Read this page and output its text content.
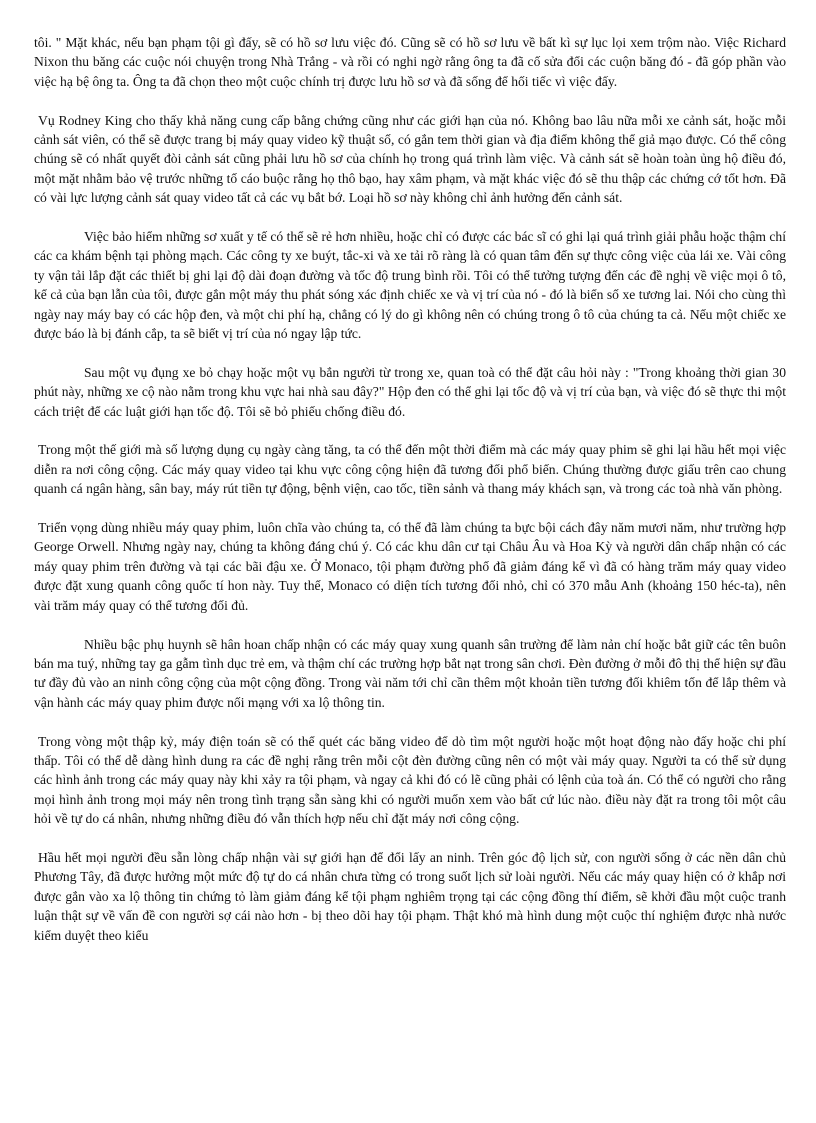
tôi. " Mặt khác, nếu bạn phạm tội gì đấy, sẽ có hồ sơ lưu việc đó. Cũng sẽ có hồ sơ lưu về bất kì sự lục lọi xem trộm nào. Việc Richard Nixon thu băng các cuộc nói chuyện trong Nhà Trắng - và rồi có nghi ngờ rằng ông ta đã cố sửa đổi các cuộn băng đó - đã góp phần vào việc hạ bệ ông ta. Ông ta đã chọn theo một cuộc chính trị được lưu hồ sơ và đã sống để hối tiếc vì việc đấy.

Vụ Rodney King cho thấy khả năng cung cấp bằng chứng cũng như các giới hạn của nó. Không bao lâu nữa mỗi xe cảnh sát, hoặc mỗi cảnh sát viên, có thể sẽ được trang bị máy quay video kỹ thuật số, có gắn tem thời gian và địa điểm không thể giả mạo được. Có thể công chúng sẽ có nhất quyết đòi cảnh sát cũng phải lưu hồ sơ của chính họ trong quá trình làm việc. Và cảnh sát sẽ hoàn toàn ủng hộ điều đó, một mặt nhằm bảo vệ trước những tố cáo buộc rằng họ thô bạo, hay xâm phạm, và mặt khác việc đó sẽ thu thập các chứng cớ tốt hơn. Đã có vài lực lượng cảnh sát quay video tất cả các vụ bắt bớ. Loại hồ sơ này không chỉ ảnh hưởng đến cảnh sát.

Việc bảo hiểm những sơ xuất y tế có thể sẽ rẻ hơn nhiều, hoặc chỉ có được các bác sĩ có ghi lại quá trình giải phẫu hoặc thậm chí các ca khám bệnh tại phòng mạch. Các công ty xe buýt, tắc-xi và xe tải rõ ràng là có quan tâm đến sự thực công việc của lái xe. Vài công ty vận tải lắp đặt các thiết bị ghi lại độ dài đoạn đường và tốc độ trung bình rồi. Tôi có thể tưởng tượng đến các đề nghị về việc mọi ô tô, kể cả của bạn lẫn của tôi, được gắn một máy thu phát sóng xác định chiếc xe và vị trí của nó - đó là biển số xe tương lai. Nói cho cùng thì ngày nay máy bay có các hộp đen, và một chi phí hạ, chẳng có lý do gì không nên có chúng trong ô tô của chúng ta cả. Nếu một chiếc xe được báo là bị đánh cắp, ta sẽ biết vị trí của nó ngay lập tức.

Sau một vụ đụng xe bỏ chạy hoặc một vụ bắn người từ trong xe, quan toà có thể đặt câu hỏi này : "Trong khoảng thời gian 30 phút này, những xe cộ nào nằm trong khu vực hai nhà sau đây?" Hộp đen có thể ghi lại tốc độ và vị trí của bạn, và việc đó sẽ thực thi một cách triệt để các luật giới hạn tốc độ. Tôi sẽ bỏ phiếu chống điều đó.

Trong một thế giới mà số lượng dụng cụ ngày càng tăng, ta có thể đến một thời điểm mà các máy quay phim sẽ ghi lại hầu hết mọi việc diễn ra nơi công cộng. Các máy quay video tại khu vực công cộng hiện đã tương đối phổ biến. Chúng thường được giấu trên cao chung quanh cá ngân hàng, sân bay, máy rút tiền tự động, bệnh viện, cao tốc, tiền sảnh và thang máy khách sạn, và trong các toà nhà văn phòng.

Triển vọng dùng nhiều máy quay phim, luôn chĩa vào chúng ta, có thể đã làm chúng ta bực bội cách đây năm mươi năm, như trường hợp George Orwell. Nhưng ngày nay, chúng ta không đáng chú ý. Có các khu dân cư tại Châu Âu và Hoa Kỳ và người dân chấp nhận có các máy quay phim trên đường và tại các bãi đậu xe. Ở Monaco, tội phạm đường phố đã giảm đáng kể vì đã có hàng trăm máy quay video được đặt xung quanh công quốc tí hon này. Tuy thế, Monaco có diện tích tương đối nhỏ, chỉ có 370 mẫu Anh (khoảng 150 héc-ta), nên vài trăm máy quay có thể tương đối đủ.

Nhiều bậc phụ huynh sẽ hân hoan chấp nhận có các máy quay xung quanh sân trường để làm nản chí hoặc bắt giữ các tên buôn bán ma tuý, những tay ga gẫm tình dục trẻ em, và thậm chí các trường hợp bắt nạt trong sân chơi. Đèn đường ở mỗi đô thị thể hiện sự đầu tư đầy đủ vào an ninh công cộng của một cộng đồng. Trong vài năm tới chỉ cần thêm một khoản tiền tương đối khiêm tốn để lắp thêm và vận hành các máy quay phim được nối mạng với xa lộ thông tin.

Trong vòng một thập kỷ, máy điện toán sẽ có thể quét các băng video để dò tìm một người hoặc một hoạt động nào đấy hoặc chi phí thấp. Tôi có thể dễ dàng hình dung ra các đề nghị rằng trên mỗi cột đèn đường cũng nên có một vài máy quay. Người ta có thể sử dụng các hình ảnh trong các máy quay này khi xảy ra tội phạm, và ngay cả khi đó có lẽ cũng phải có lệnh của toà án. Có thể có người cho rằng mọi hình ảnh trong mọi máy nên trong tình trạng sẵn sàng khi có người muốn xem vào bất cứ lúc nào. điều này đặt ra trong tôi một câu hỏi về tự do cá nhân, nhưng những điều đó vẫn thích hợp nếu chỉ đặt máy nơi công cộng.

Hầu hết mọi người đều sẵn lòng chấp nhận vài sự giới hạn để đổi lấy an ninh. Trên góc độ lịch sử, con người sống ở các nền dân chủ Phương Tây, đã được hưởng một mức độ tự do cá nhân chưa từng có trong suốt lịch sử loài người. Nếu các máy quay hiện có ở khắp nơi được gắn vào xa lộ thông tin chứng tỏ làm giảm đáng kể tội phạm nghiêm trọng tại các cộng đồng thí điểm, sẽ khởi đầu một cuộc tranh luận thật sự về vấn đề con người sợ cái nào hơn - bị theo dõi hay tội phạm. Thật khó mà hình dung một cuộc thí nghiệm được nhà nước kiểm duyệt theo kiểu
